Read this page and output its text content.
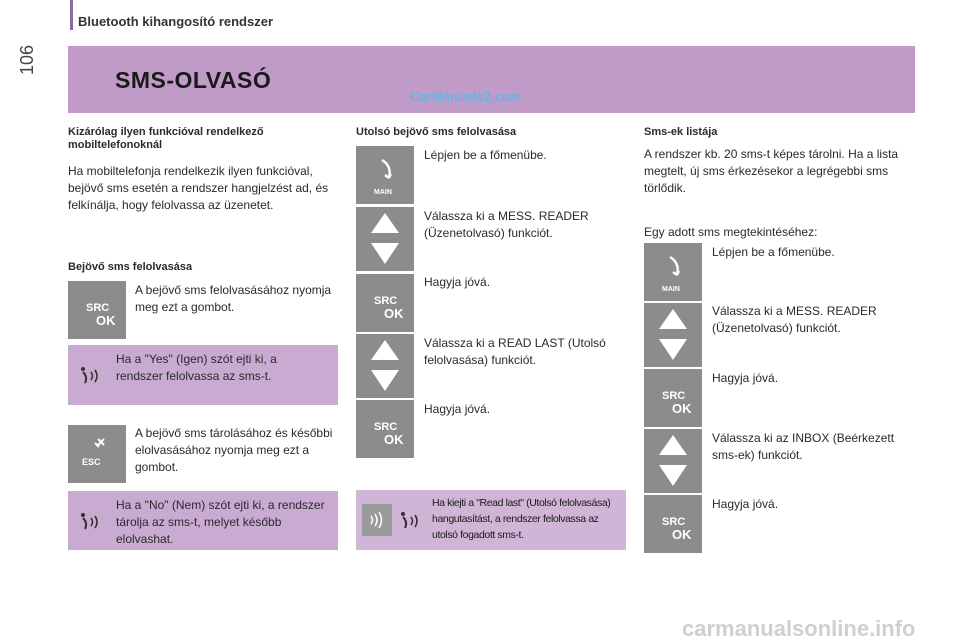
Bluetooth kihangosító rendszer
106
SMS-OLVASÓ
CarManuals2.com
Kizárólag ilyen funkcióval rendelkező mobiltelefonoknál
Ha mobiltelefonja rendelkezik ilyen funkcióval, bejövő sms esetén a rendszer hangjelzést ad, és felkínálja, hogy felolvassa az üzenetet.
Bejövő sms felolvasása
SRC
OK
A bejövő sms felolvasásához nyomja meg ezt a gombot.
Ha a "Yes" (Igen) szót ejti ki, a rendszer felolvassa az sms-t.
ESC
A bejövő sms tárolásához és későbbi elolvasásához nyomja meg ezt a gombot.
Ha a "No" (Nem) szót ejti ki, a rendszer tárolja az sms-t, melyet később elolvashat.
Utolsó bejövő sms felolvasása
MAIN
Lépjen be a főmenübe.
Válassza ki a MESS. READER (Üzenetolvasó) funkciót.
SRC
OK
Hagyja jóvá.
Válassza ki a READ LAST (Utolsó felolvasása) funkciót.
SRC
OK
Hagyja jóvá.
Ha kiejti a "Read last" (Utolsó felolvasása) hangutasítást, a rendszer felolvassa az utolsó fogadott sms-t.
Sms-ek listája
A rendszer kb. 20 sms-t képes tárolni. Ha a lista megtelt, új sms érkezésekor a legrégebbi sms törlődik.
Egy adott sms megtekintéséhez:
MAIN
Lépjen be a főmenübe.
Válassza ki a MESS. READER (Üzenetolvasó) funkciót.
SRC
OK
Hagyja jóvá.
Válassza ki az INBOX (Beérkezett sms-ek) funkciót.
SRC
OK
Hagyja jóvá.
carmanualsonline.info
